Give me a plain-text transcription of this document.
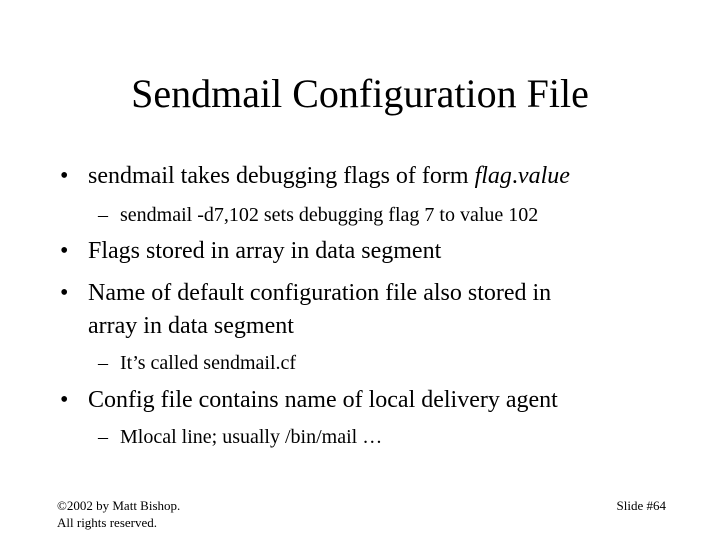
Sendmail Configuration File
• sendmail takes debugging flags of form flag.value
– sendmail -d7,102 sets debugging flag 7 to value 102
• Flags stored in array in data segment
• Name of default configuration file also stored in
array in data segment
– It’s called sendmail.cf
• Config file contains name of local delivery agent
– Mlocal line; usually /bin/mail …
©2002 by Matt Bishop.
All rights reserved.
Slide #64
